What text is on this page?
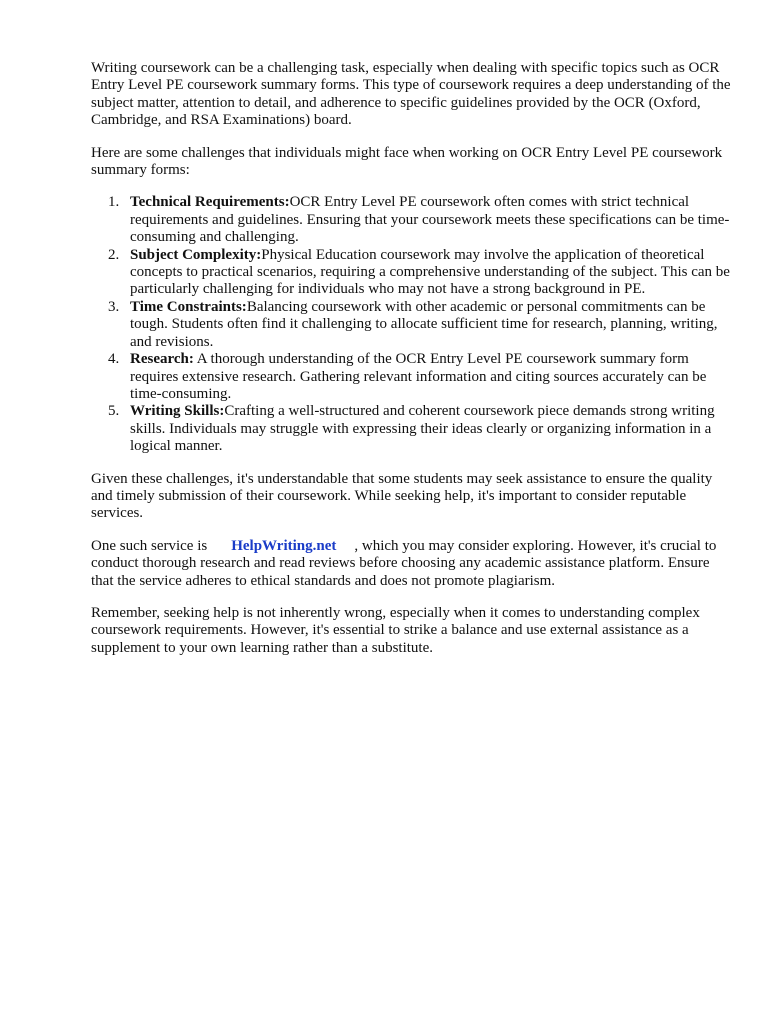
Writing coursework can be a challenging task, especially when dealing with specific topics such as OCR Entry Level PE coursework summary forms. This type of coursework requires a deep understanding of the subject matter, attention to detail, and adherence to specific guidelines provided by the OCR (Oxford, Cambridge, and RSA Examinations) board.

Here are some challenges that individuals might face when working on OCR Entry Level PE coursework summary forms:

1. Technical Requirements:OCR Entry Level PE coursework often comes with strict technical requirements and guidelines. Ensuring that your coursework meets these specifications can be time-consuming and challenging.
2. Subject Complexity:Physical Education coursework may involve the application of theoretical concepts to practical scenarios, requiring a comprehensive understanding of the subject. This can be particularly challenging for individuals who may not have a strong background in PE.
3. Time Constraints:Balancing coursework with other academic or personal commitments can be tough. Students often find it challenging to allocate sufficient time for research, planning, writing, and revisions.
4. Research: A thorough understanding of the OCR Entry Level PE coursework summary form requires extensive research. Gathering relevant information and citing sources accurately can be time-consuming.
5. Writing Skills:Crafting a well-structured and coherent coursework piece demands strong writing skills. Individuals may struggle with expressing their ideas clearly or organizing information in a logical manner.

Given these challenges, it's understandable that some students may seek assistance to ensure the quality and timely submission of their coursework. While seeking help, it's important to consider reputable services.

One such service is HelpWriting.net , which you may consider exploring. However, it's crucial to conduct thorough research and read reviews before choosing any academic assistance platform. Ensure that the service adheres to ethical standards and does not promote plagiarism.

Remember, seeking help is not inherently wrong, especially when it comes to understanding complex coursework requirements. However, it's essential to strike a balance and use external assistance as a supplement to your own learning rather than a substitute.
